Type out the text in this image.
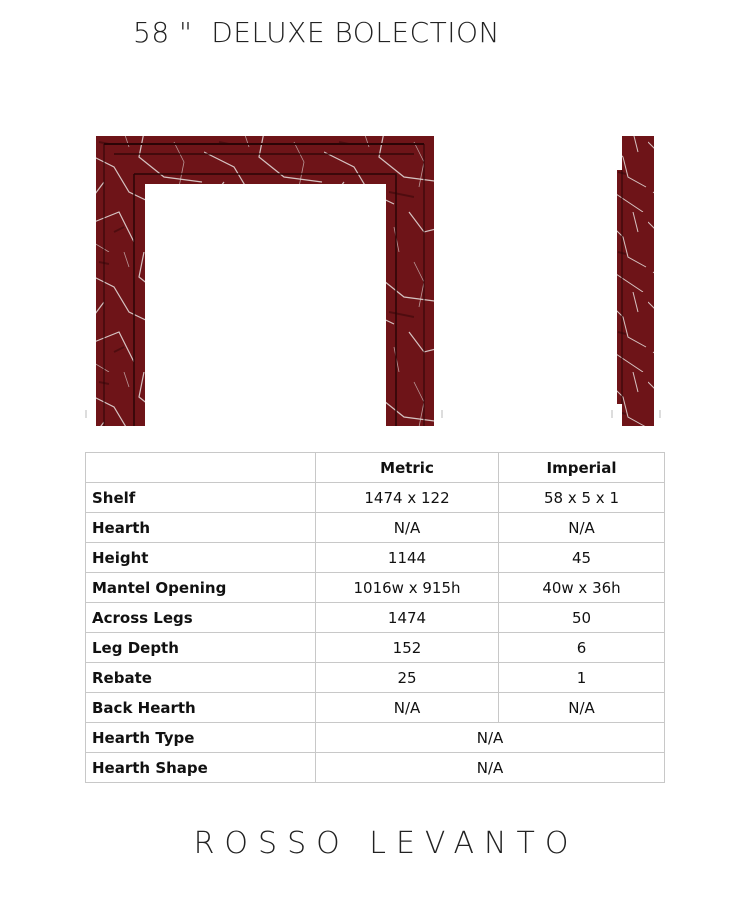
58 "  DELUXE BOLECTION
	Metric	Imperial
Shelf	1474 x 122	58 x 5 x 1
Hearth	N/A	N/A
Height	1144	45
Mantel Opening	1016w x 915h	40w x 36h
Across Legs	1474	50
Leg Depth	152	6
Rebate	25	1
Back Hearth	N/A	N/A
Hearth Type	N/A	
Hearth Shape	N/A	
ROSSO LEVANTO
